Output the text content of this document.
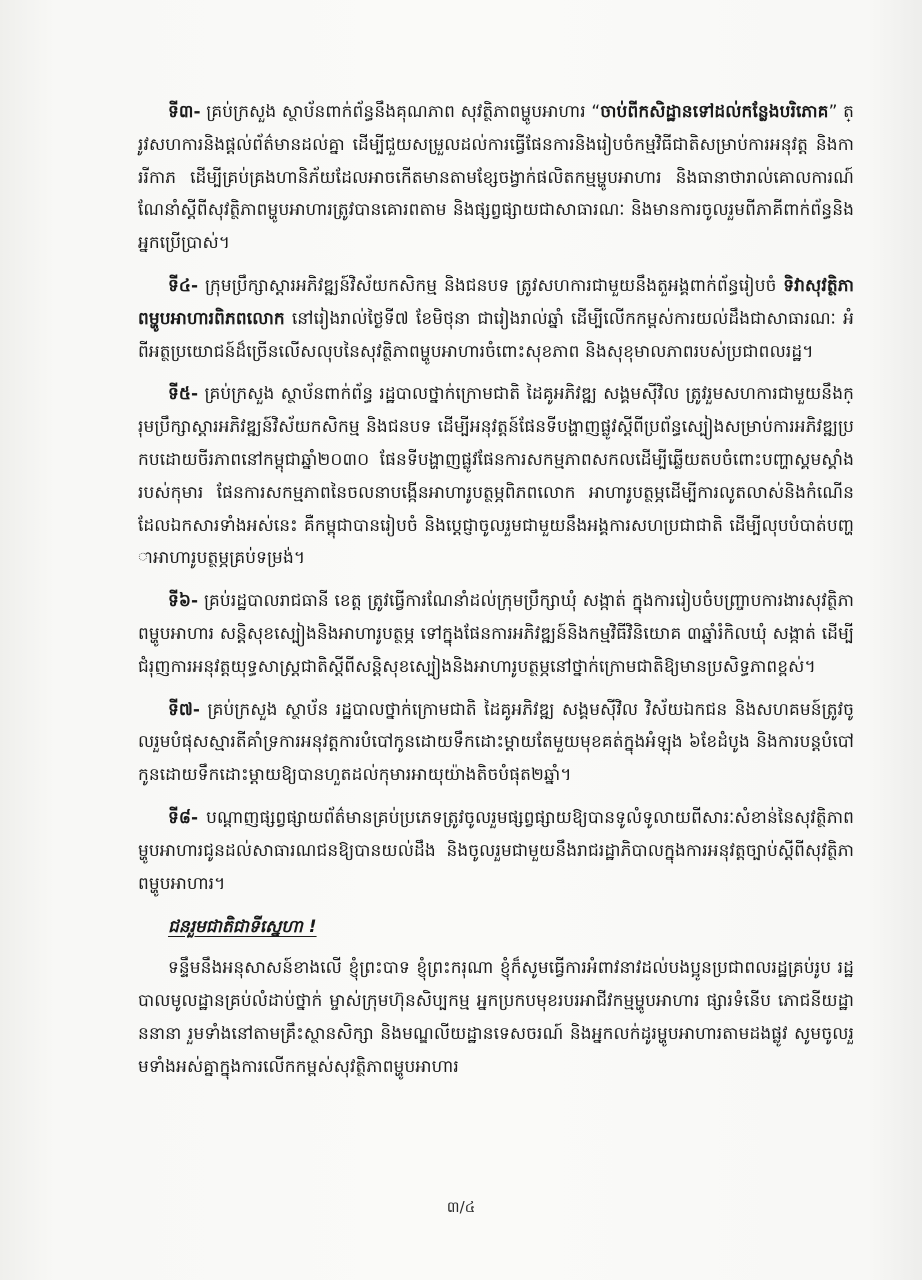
ទី៣- គ្រប់ក្រសួង ស្ថាប័នពាក់ព័ន្ធនឹងគុណភាព សុវត្ថិភាពម្ហូបអាហារ “ចាប់ពីកសិដ្ឋានទៅដល់កន្លែងបរិភោគ” ត្រូវសហការនិងផ្តល់ព័ត៌មានដល់គ្នា ដើម្បីជួយសម្រួលដល់ការធ្វើផែនការនិងរៀបចំកម្មវិធីជាតិសម្រាប់ការអនុវត្ត និងការរីកាភ ដើម្បីគ្រប់គ្រងហានិភ័យដែលអាចកើតមានតាមខ្សែចង្វាក់ផលិតកម្មម្ហូបអាហារ និងធានាថារាល់គោលការណ៍ណែនាំស្តីពីសុវត្ថិភាពម្ហូបអាហារត្រូវបានគោរពតាម និងផ្សព្វផ្សាយជាសាធារណៈ និងមានការចូលរួមពីភាគីពាក់ព័ន្ធនិងអ្នកប្រើប្រាស់។

ទី៤- ក្រុមប្រឹក្សាស្តារអភិវឌ្ឍន៍វិស័យកសិកម្ម និងជនបទ ត្រូវសហការជាមួយនឹងតួអង្គពាក់ព័ន្ធរៀបចំ ទិវាសុវត្ថិភាពម្ហូបអាហារពិភពលោក នៅរៀងរាល់ថ្ងៃទី៧ ខែមិថុនា ជារៀងរាល់ឆ្នាំ ដើម្បីលើកកម្ពស់ការយល់ដឹងជាសាធារណៈ អំពីអត្ថប្រយោជន៍ដ៏ច្រើនលើសលុបនៃសុវត្ថិភាពម្ហូបអាហារចំពោះសុខភាព និងសុខុមាលភាពរបស់ប្រជាពលរដ្ឋ។

ទី៥- គ្រប់ក្រសួង ស្ថាប័នពាក់ព័ន្ធ រដ្ឋបាលថ្នាក់ក្រោមជាតិ ដៃគូអភិវឌ្ឍ សង្គមស៊ីវិល ត្រូវរួមសហការជាមួយនឹងក្រុមប្រឹក្សាស្តារអភិវឌ្ឍន៍វិស័យកសិកម្ម និងជនបទ ដើម្បីអនុវត្តន៍ផែនទីបង្ហាញផ្លូវស្តីពីប្រព័ន្ធស្បៀងសម្រាប់ការអភិវឌ្ឍប្រកបដោយចីរភាពនៅកម្ពុជាឆ្នាំ២០៣០ ផែនទីបង្ហាញផ្លូវផែនការសកម្មភាពសកលដើម្បីឆ្លើយតបចំពោះបញ្ហាស្គមស្គាំងរបស់កុមារ ផែនការសកម្មភាពនៃចលនាបង្កើនអាហារូបត្ថម្ភពិភពលោក អាហារូបត្ថម្ភដើម្បីការលូតលាស់និងកំណើន ដែលឯកសារទាំងអស់នេះ គឺកម្ពុជាបានរៀបចំ និងប្តេជ្ញាចូលរួមជាមួយនឹងអង្គការសហប្រជាជាតិ ដើម្បីលុបបំបាត់បញ្ហាអាហារូបត្ថម្ភគ្រប់ទម្រង់។

ទី៦- គ្រប់រដ្ឋបាលរាជធានី ខេត្ត ត្រូវធ្វើការណែនាំដល់ក្រុមប្រឹក្សាឃុំ សង្កាត់ ក្នុងការរៀបចំបញ្ច្រាបការងារសុវត្ថិភាពម្ហូបអាហារ សន្តិសុខស្បៀងនិងអាហារូបត្ថម្ភ ទៅក្នុងផែនការអភិវឌ្ឍន៍និងកម្មវិធីវិនិយោគ ៣ឆ្នាំរំកិលឃុំ សង្កាត់ ដើម្បីជំរុញការអនុវត្តយុទ្ធសាស្ត្រជាតិស្តីពីសន្តិសុខស្បៀងនិងអាហារូបត្ថម្ភនៅថ្នាក់ក្រោមជាតិឱ្យមានប្រសិទ្ធភាពខ្ពស់។

ទី៧- គ្រប់ក្រសួង ស្ថាប័ន រដ្ឋបាលថ្នាក់ក្រោមជាតិ ដៃគូអភិវឌ្ឍ សង្គមស៊ីវិល វិស័យឯកជន និងសហគមន៍ត្រូវចូលរួមបំផុសស្មារតីគាំទ្រការអនុវត្តការបំបៅកូនដោយទឹកដោះម្តាយតែមួយមុខគត់ក្នុងអំឡុង ៦ខែដំបូង និងការបន្តបំបៅកូនដោយទឹកដោះម្តាយឱ្យបានហួតដល់កុមារអាយុយ៉ាងតិចបំផុត២ឆ្នាំ។

ទី៨- បណ្តាញផ្សព្វផ្សាយព័ត៌មានគ្រប់ប្រភេទត្រូវចូលរួមផ្សព្វផ្សាយឱ្យបានទូលំទូលាយពីសារៈសំខាន់នៃសុវត្ថិភាពម្ហូបអាហារជូនដល់សាធារណជនឱ្យបានយល់ដឹង និងចូលរួមជាមួយនឹងរាជរដ្ឋាភិបាលក្នុងការអនុវត្តច្បាប់ស្តីពីសុវត្ថិភាពម្ហូបអាហារ។

ជនរួមជាតិជាទីស្នេហា !

ទន្ទឹមនឹងអនុសាសន៍ខាងលើ ខ្ញុំព្រះបាទ ខ្ញុំព្រះករុណា ខ្ញុំក៏សូមធ្វើការអំពាវនាវដល់បងប្អូនប្រជាពលរដ្ឋគ្រប់រូប រដ្ឋបាលមូលដ្ឋានគ្រប់លំដាប់ថ្នាក់ ម្ចាស់ក្រុមហ៊ុនសិប្បកម្ម អ្នកប្រកបមុខរបរអាជីវកម្មម្ហូបអាហារ ផ្សារទំនើប ភោជនីយដ្ឋាននានា រួមទាំងនៅតាមគ្រឹះស្ថានសិក្សា និងមណ្ឌលីយដ្ឋានទេសចរណ៍ និងអ្នកលក់ដូរម្ហូបអាហារតាមដងផ្លូវ សូមចូលរួមទាំងអស់គ្នាក្នុងការលើកកម្ពស់សុវត្ថិភាពម្ហូបអាហារ

៣/៤
